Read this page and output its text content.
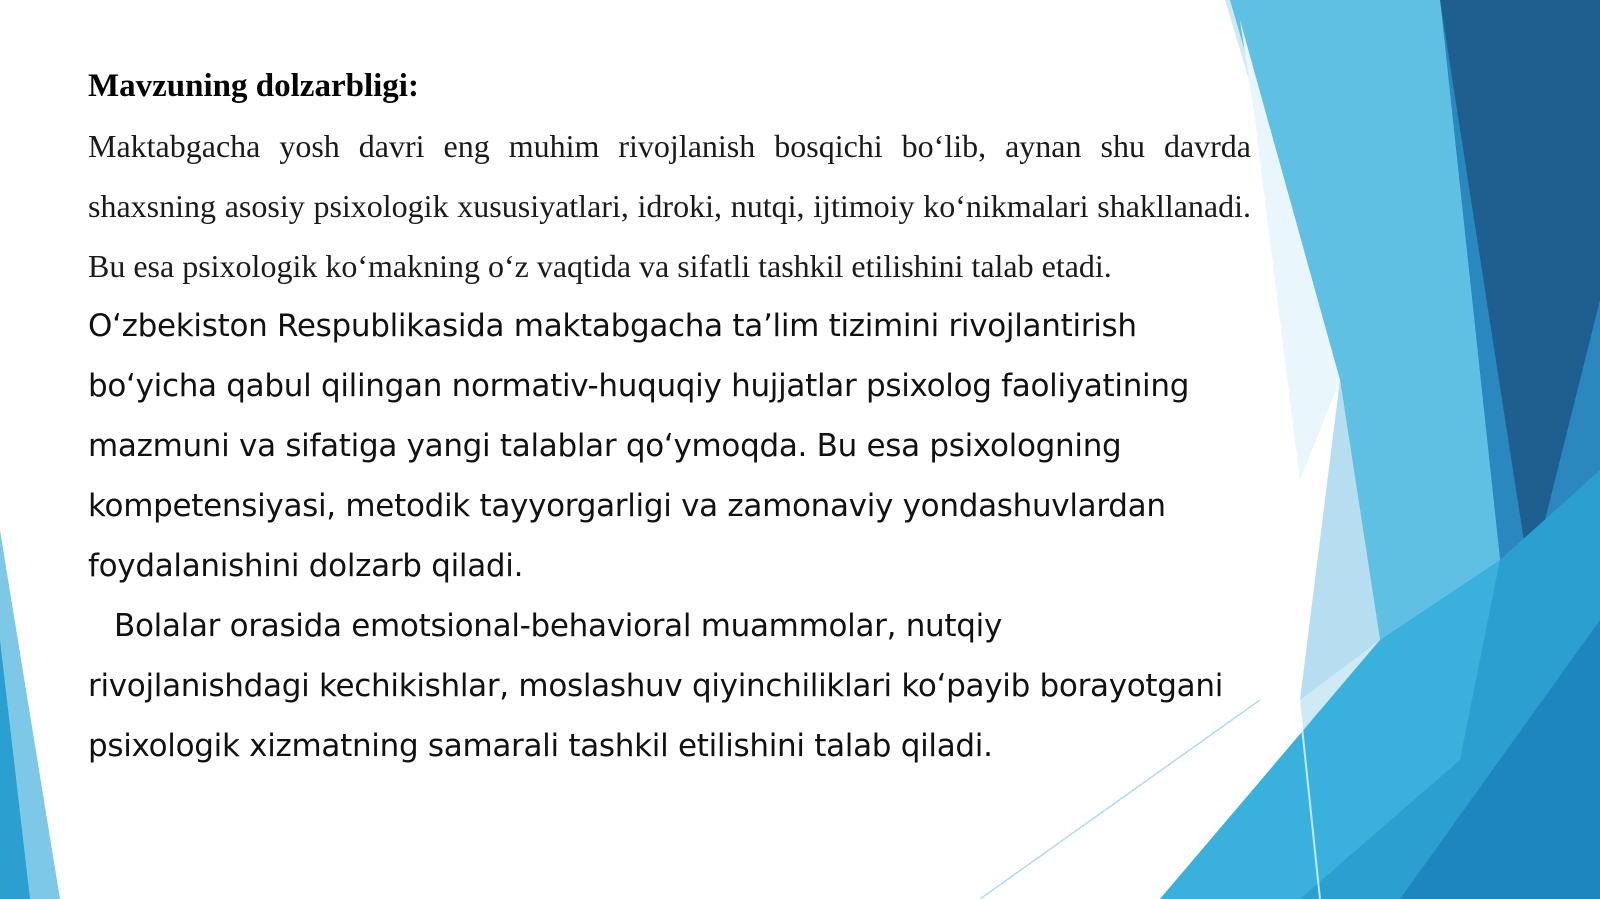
Mavzuning dolzarbligi:

Maktabgacha yosh davri eng muhim rivojlanish bosqichi bo‘lib, aynan shu davrda shaxsning asosiy psixologik xususiyatlari, idroki, nutqi, ijtimoiy ko‘nikmalari shakllanadi. Bu esa psixologik ko‘makning o‘z vaqtida va sifatli tashkil etilishini talab etadi.

O‘zbekiston Respublikasida maktabgacha ta’lim tizimini rivojlantirish

bo‘yicha qabul qilingan normativ-huquqiy hujjatlar psixolog faoliyatining

mazmuni va sifatiga yangi talablar qo‘ymoqda. Bu esa psixologning

kompetensiyasi, metodik tayyorgarligi va zamonaviy yondashuvlardan

foydalanishini dolzarb qiladi.

Bolalar orasida emotsional-behavioral muammolar, nutqiy

rivojlanishdagi kechikishlar, moslashuv qiyinchiliklari ko‘payib borayotgani

psixologik xizmatning samarali tashkil etilishini talab qiladi.
